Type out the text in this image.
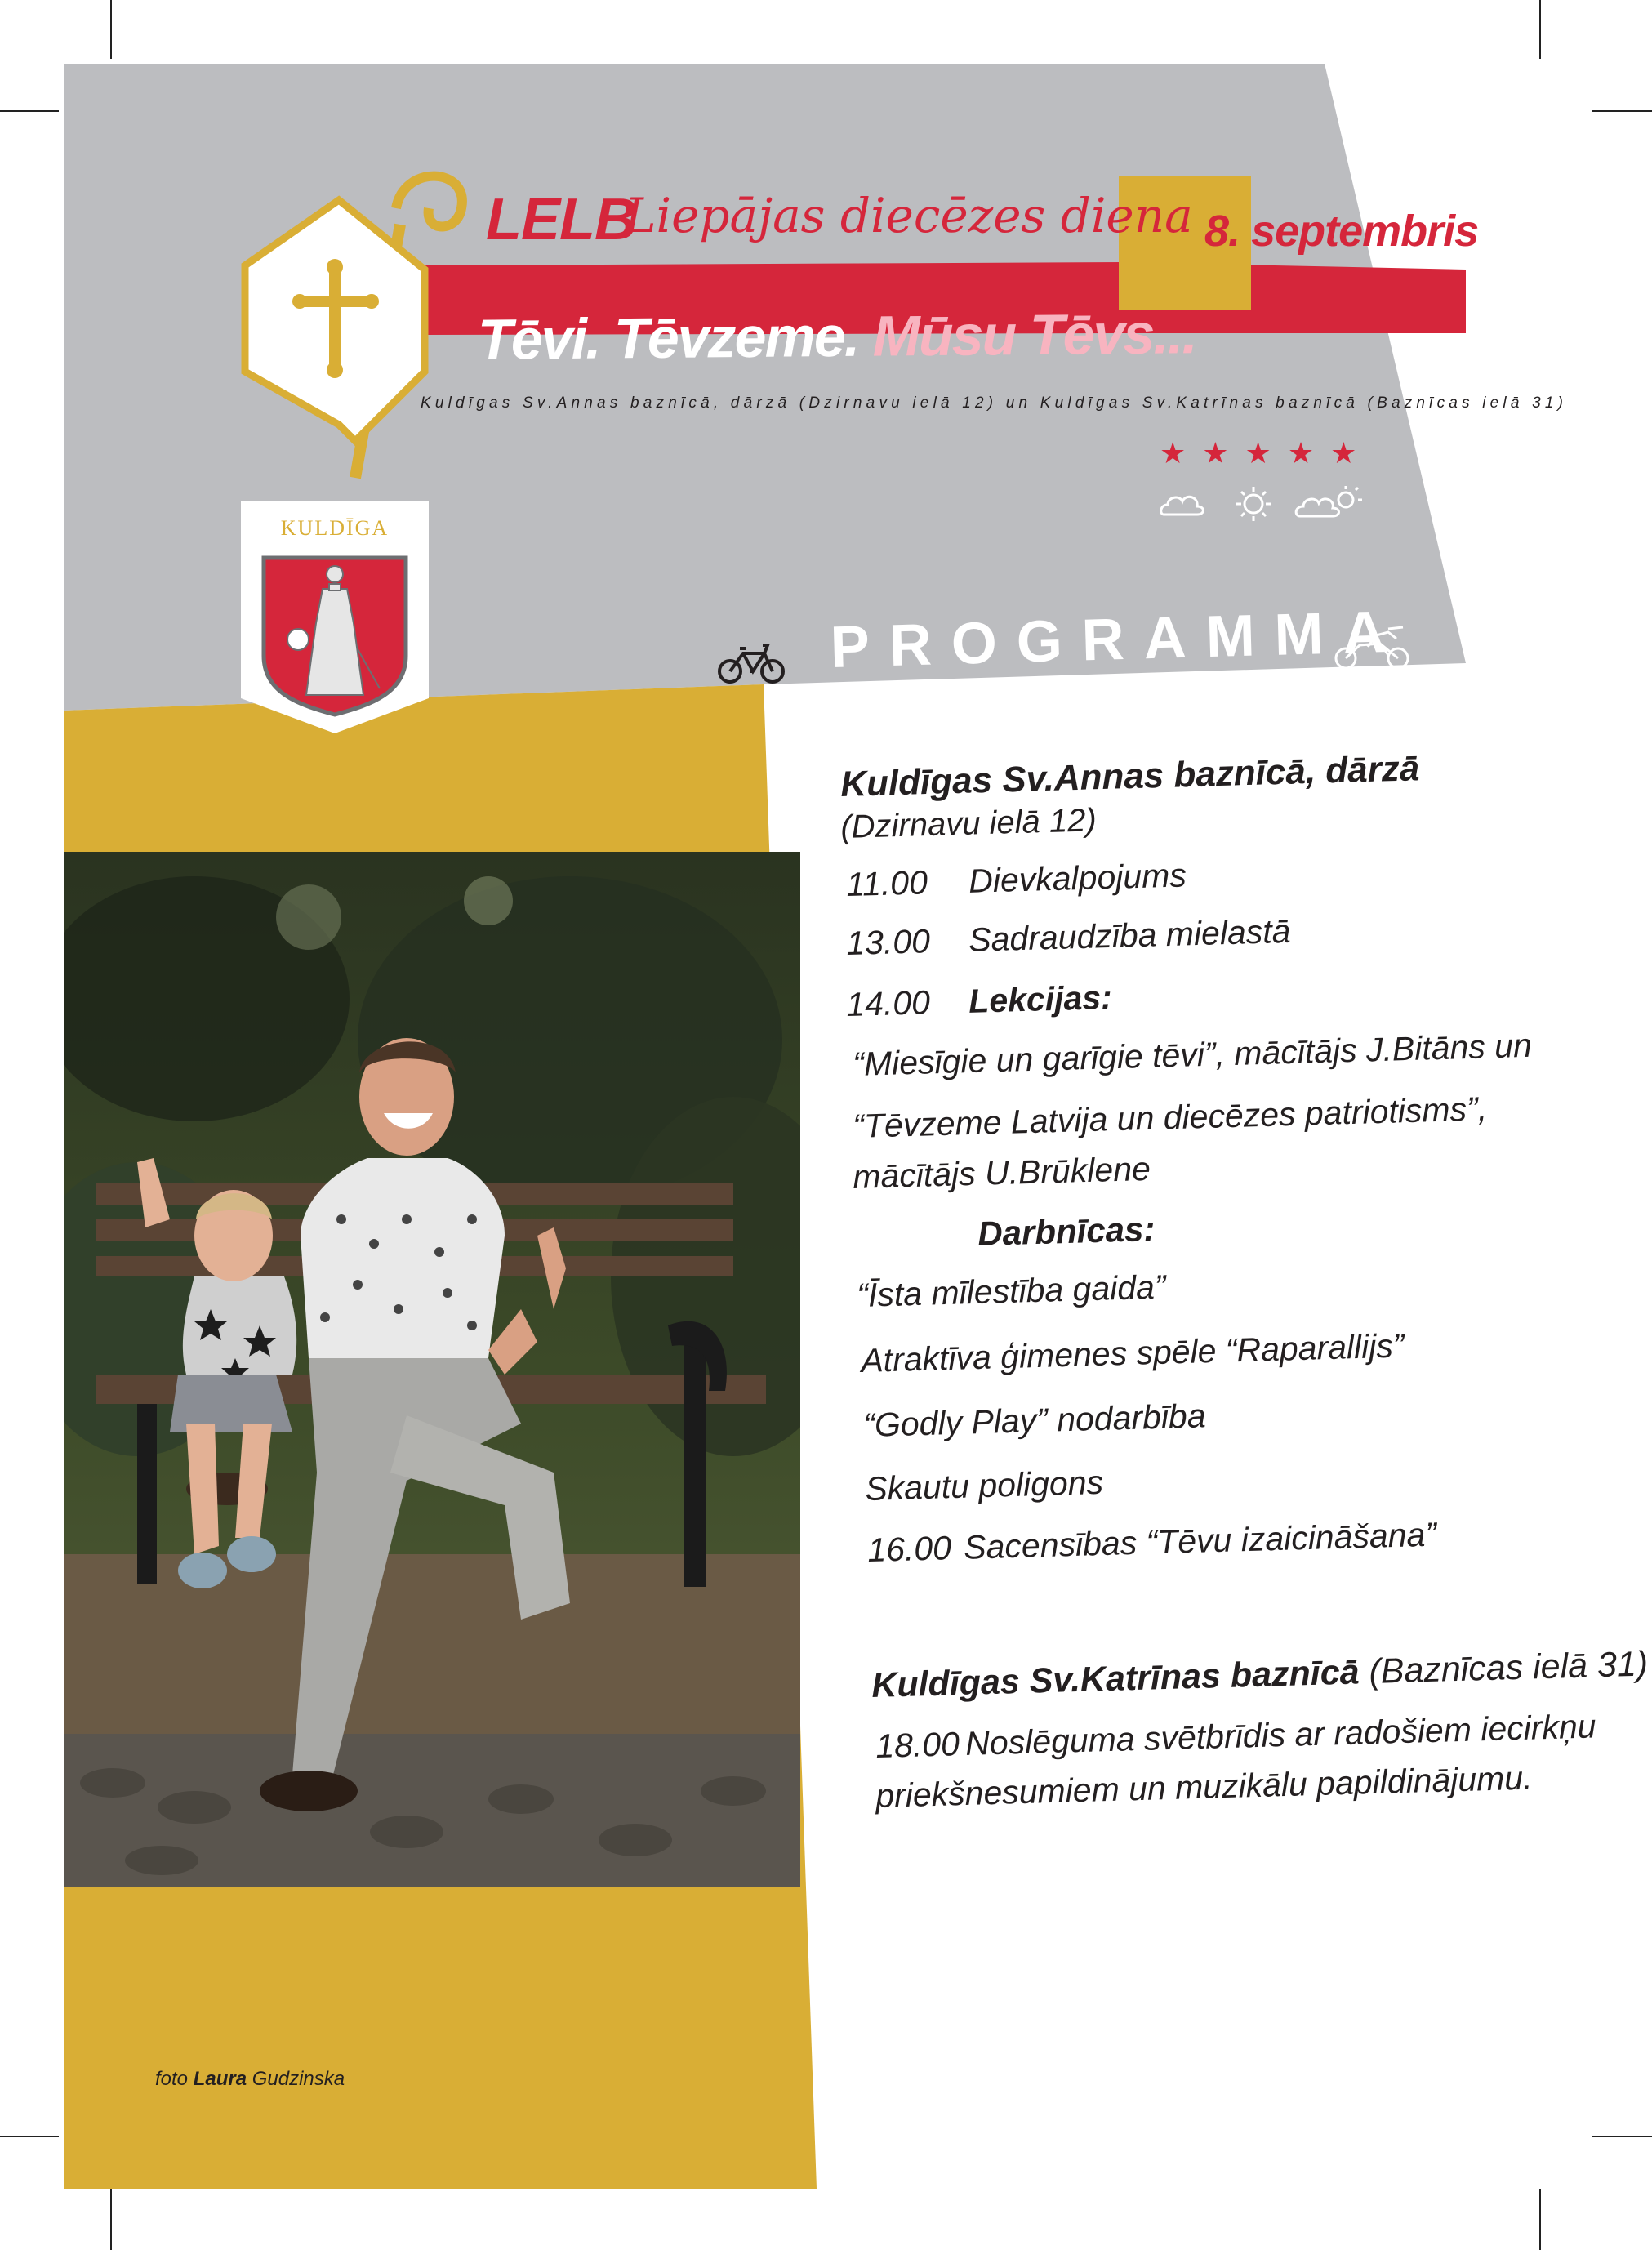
LELB
Liepājas diecēzes diena 8. septembris
Tēvi. Tēvzeme. Mūsu Tēvs...
Kuldīgas Sv.Annas baznīcā, dārzā (Dzirnavu ielā 12) un Kuldīgas Sv.Katrīnas baznīcā (Baznīcas ielā 31)
★★★★★
KULDĪGA
PROGRAMMA
Kuldīgas Sv.Annas baznīcā, dārzā
(Dzirnavu ielā 12)
11.00 Dievkalpojums
13.00 Sadraudzība mielastā
14.00 Lekcijas:
“Miesīgie un garīgie tēvi”, mācītājs J.Bitāns un
“Tēvzeme Latvija un diecēzes patriotisms”,
mācītājs U.Brūklene
Darbnīcas:
“Īsta mīlestība gaida”
Atraktīva ģimenes spēle “Raparallijs”
“Godly Play” nodarbība
Skautu poligons
16.00 Sacensības “Tēvu izaicināšana”
Kuldīgas Sv.Katrīnas baznīcā (Baznīcas ielā 31)
18.00 Noslēguma svētbrīdis ar radošiem iecirkņu
priekšnesumiem un muzikālu papildinājumu.
foto Laura Gudzinska
